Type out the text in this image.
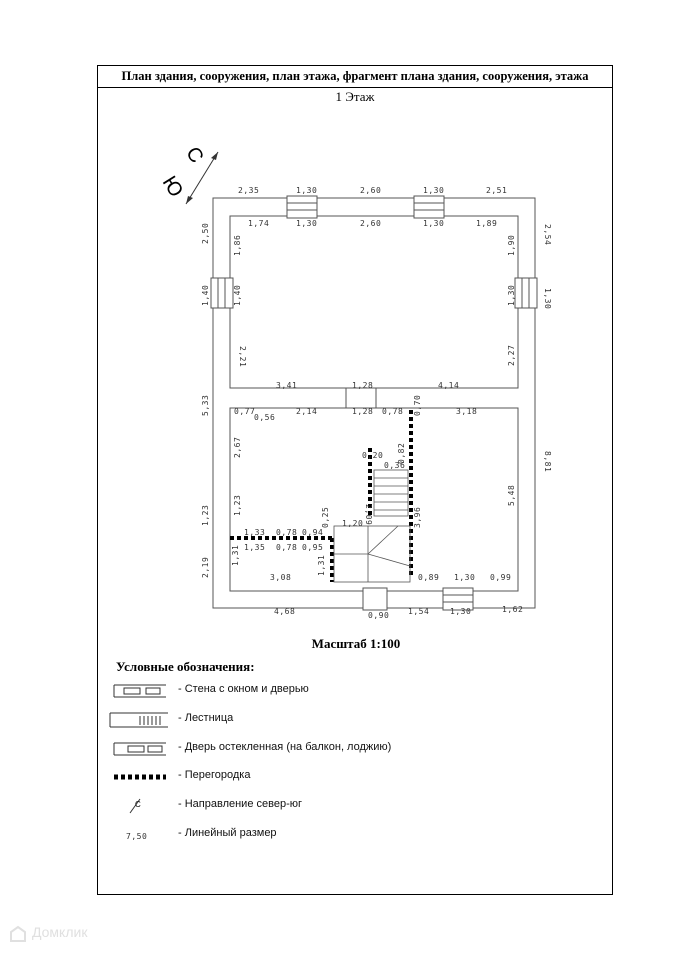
План здания, сооружения, план этажа, фрагмент плана здания, сооружения, этажа
1 Этаж
С
Ю	2,35	1,30	2,60	1,30	2,51
1,74	1,30	2,60	1,30	1,89
2,50
1,40
5,33
1,23
2,19
1,86
1,40
2,21
2,54
1,30
8,81
1,90
1,30
2,27
3,41	1,28	4,14
0,77
0,56
2,14	1,28 0,78 0,70	3,18
2,67
1,23
1,33 0,78 0,94
1,35 0,78 0,95
1,31	1,31
0,25
3,08
0,82
0,20
0,36
2,09
1,20	3,96
5,48
0,89 1,30 0,99
4,68	0,90 1,54	1,30	1,62
Масштаб 1:100
Условные обозначения:
- Стена с окном и дверью
- Лестница
- Дверь остекленная (на балкон, лоджию)
- Перегородка
С	- Направление север-юг
7,50	- Линейный размер
Домклик
